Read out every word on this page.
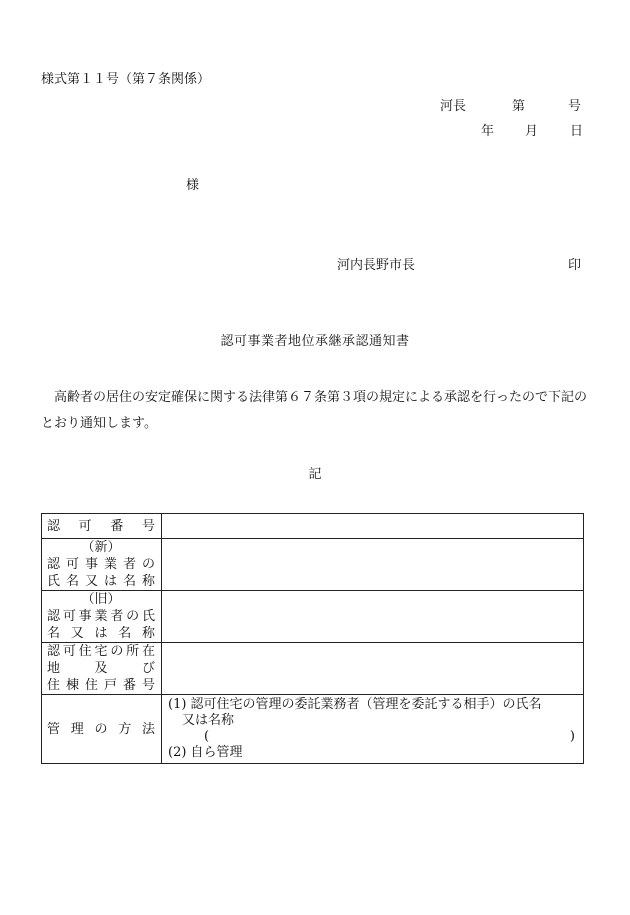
様式第１１号（第７条関係）
河長	第	号
年 月 日
様
河内長野市長	印
認可事業者地位承継承認通知書
高齢者の居住の安定確保に関する法律第６７条第３項の規定による承認を行ったので下記のとおり通知します。
記
認可番号	

（新）
認可事業者の
氏名又は名称	

（旧）
認可事業者の氏
名又は名称	

認可住宅の所在
地及び
住棟住戸番号	

管理の方法	(1) 認可住宅の管理の委託業務者（管理を委託する相手）の氏名
又は名称
( )
(2) 自ら管理
